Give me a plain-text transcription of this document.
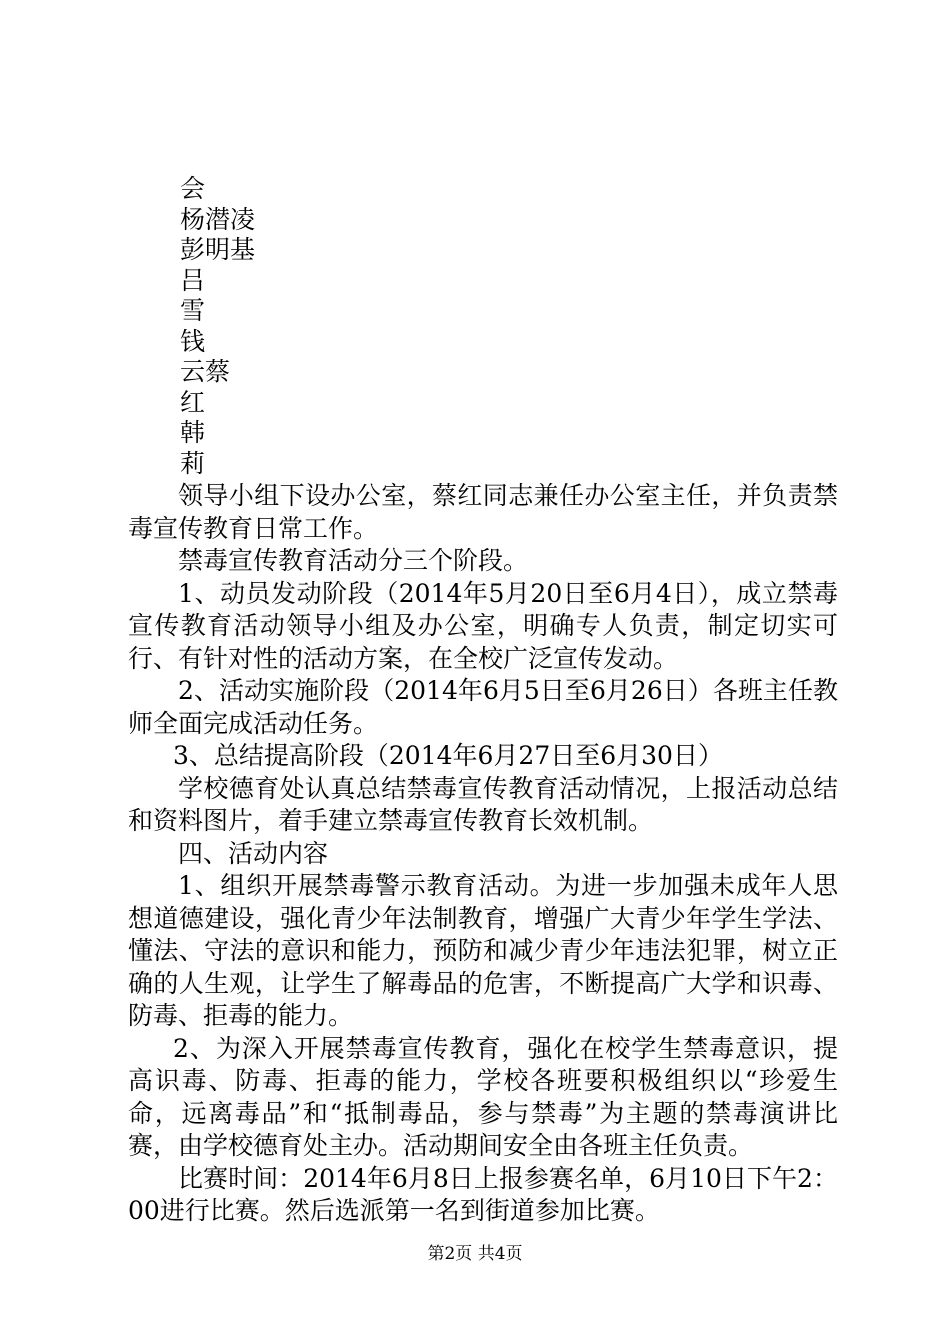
会
杨潜凌
彭明基
吕
雪
钱
云蔡
红
韩
莉

领导小组下设办公室，蔡红同志兼任办公室主任，并负责禁毒宣传教育日常工作。

禁毒宣传教育活动分三个阶段。

1、动员发动阶段（2014年5月20日至6月4日），成立禁毒宣传教育活动领导小组及办公室，明确专人负责，制定切实可行、有针对性的活动方案，在全校广泛宣传发动。

2、活动实施阶段（2014年6月5日至6月26日）各班主任教师全面完成活动任务。

3、总结提高阶段（2014年6月27日至6月30日）

学校德育处认真总结禁毒宣传教育活动情况，上报活动总结和资料图片，着手建立禁毒宣传教育长效机制。

四、活动内容

1、组织开展禁毒警示教育活动。为进一步加强未成年人思想道德建设，强化青少年法制教育，增强广大青少年学生学法、懂法、守法的意识和能力，预防和减少青少年违法犯罪，树立正确的人生观，让学生了解毒品的危害，不断提高广大学和识毒、防毒、拒毒的能力。

2、为深入开展禁毒宣传教育，强化在校学生禁毒意识，提高识毒、防毒、拒毒的能力，学校各班要积极组织以“珍爱生命，远离毒品”和“抵制毒品，参与禁毒”为主题的禁毒演讲比赛，由学校德育处主办。活动期间安全由各班主任负责。

比赛时间：2014年6月8日上报参赛名单，6月10日下午2：00进行比赛。然后选派第一名到街道参加比赛。

第2页 共4页
